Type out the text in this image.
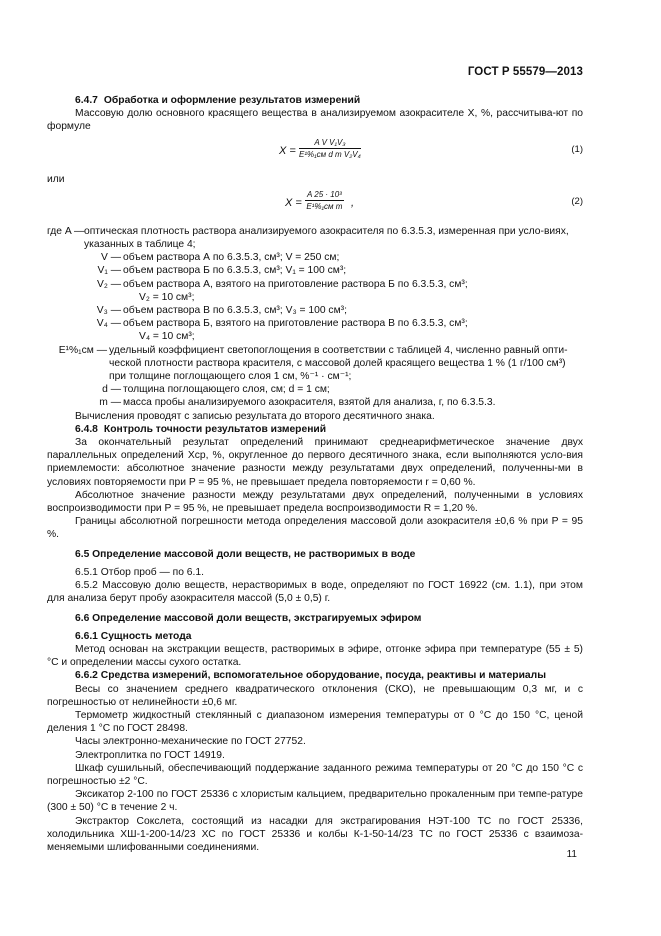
ГОСТ Р 55579—2013
6.4.7 Обработка и оформление результатов измерений
Массовую долю основного красящего вещества в анализируемом азокрасителе X, %, рассчитыва-ют по формуле
X =
A V V₁V₃
E¹%₁см d m V₂V₄	(1)
или
X =
A 25 · 10³
E¹%₁см m ,	(2)
где A — оптическая плотность раствора анализируемого азокрасителя по 6.3.5.3, измеренная при усло-виях, указанных в таблице 4;
V — объем раствора А по 6.3.5.3, см³; V = 250 см;
V₁ — объем раствора Б по 6.3.5.3, см³; V₁ = 100 см³;
V₂ — объем раствора А, взятого на приготовление раствора Б по 6.3.5.3, см³;
V₂ = 10 см³;
V₃ — объем раствора В по 6.3.5.3, см³; V₃ = 100 см³;
V₄ — объем раствора Б, взятого на приготовление раствора В по 6.3.5.3, см³;
V₄ = 10 см³;
E¹%₁см — удельный коэффициент светопоглощения в соответствии с таблицей 4, численно равный опти-ческой плотности раствора красителя, с массовой долей красящего вещества 1 % (1 г/100 см³) при толщине поглощающего слоя 1 см, %⁻¹ · см⁻¹;
d — толщина поглощающего слоя, см; d = 1 см;
m — масса пробы анализируемого азокрасителя, взятой для анализа, г, по 6.3.5.3.
Вычисления проводят с записью результата до второго десятичного знака.
6.4.8 Контроль точности результатов измерений
За окончательный результат определений принимают среднеарифметическое значение двух параллельных определений Xср, %, округленное до первого десятичного знака, если выполняются усло-вия приемлемости: абсолютное значение разности между результатами двух определений, полученны-ми в условиях повторяемости при P = 95 %, не превышает предела повторяемости r = 0,60 %.
Абсолютное значение разности между результатами двух определений, полученными в условиях воспроизводимости при P = 95 %, не превышает предела воспроизводимости R = 1,20 %.
Границы абсолютной погрешности метода определения массовой доли азокрасителя ±0,6 % при P = 95 %.
6.5 Определение массовой доли веществ, не растворимых в воде
6.5.1 Отбор проб — по 6.1.
6.5.2 Массовую долю веществ, нерастворимых в воде, определяют по ГОСТ 16922 (см. 1.1), при этом для анализа берут пробу азокрасителя массой (5,0 ± 0,5) г.
6.6 Определение массовой доли веществ, экстрагируемых эфиром
6.6.1 Сущность метода
Метод основан на экстракции веществ, растворимых в эфире, отгонке эфира при температуре (55 ± 5) °C и определении массы сухого остатка.
6.6.2 Средства измерений, вспомогательное оборудование, посуда, реактивы и материалы
Весы со значением среднего квадратического отклонения (СКО), не превышающим 0,3 мг, и с погрешностью от нелинейности ±0,6 мг.
Термометр жидкостный стеклянный с диапазоном измерения температуры от 0 °C до 150 °C, ценой деления 1 °C по ГОСТ 28498.
Часы электронно-механические по ГОСТ 27752.
Электроплитка по ГОСТ 14919.
Шкаф сушильный, обеспечивающий поддержание заданного режима температуры от 20 °C до 150 °C с погрешностью ±2 °C.
Эксикатор 2-100 по ГОСТ 25336 с хлористым кальцием, предварительно прокаленным при темпе-ратуре (300 ± 50) °C в течение 2 ч.
Экстрактор Сокслета, состоящий из насадки для экстрагирования НЭТ-100 ТС по ГОСТ 25336, холодильника ХШ-1-200-14/23 ХС по ГОСТ 25336 и колбы К-1-50-14/23 ТС по ГОСТ 25336 с взаимоза-меняемыми шлифованными соединениями.
11
